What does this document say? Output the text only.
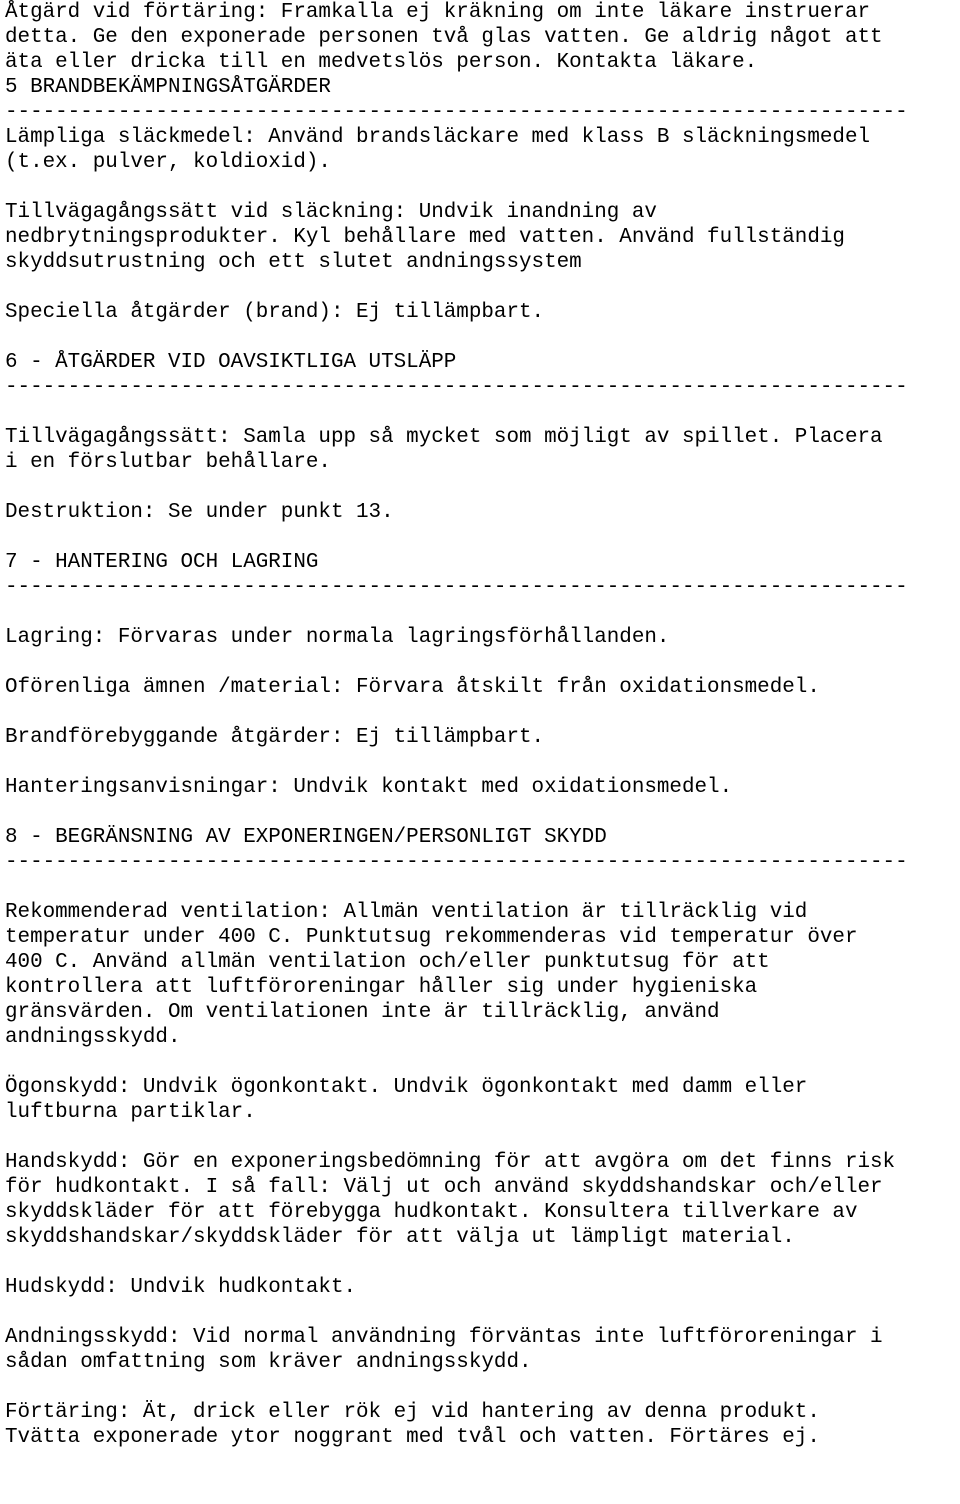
Åtgärd vid förtäring: Framkalla ej kräkning om inte läkare instruerar
detta. Ge den exponerade personen två glas vatten. Ge aldrig något att
äta eller dricka till en medvetslös person. Kontakta läkare.
5 BRANDBEKÄMPNINGSÅTGÄRDER
------------------------------------------------------------------------
Lämpliga släckmedel: Använd brandsläckare med klass B släckningsmedel
(t.ex. pulver, koldioxid).
Tillvägagångssätt vid släckning: Undvik inandning av
nedbrytningsprodukter. Kyl behållare med vatten. Använd fullständig
skyddsutrustning och ett slutet andningssystem
Speciella åtgärder (brand): Ej tillämpbart.
6 - ÅTGÄRDER VID OAVSIKTLIGA UTSLÄPP
------------------------------------------------------------------------
Tillvägagångssätt: Samla upp så mycket som möjligt av spillet. Placera
i en förslutbar behållare.
Destruktion: Se under punkt 13.
7 - HANTERING OCH LAGRING
------------------------------------------------------------------------
Lagring: Förvaras under normala lagringsförhållanden.
Oförenliga ämnen /material: Förvara åtskilt från oxidationsmedel.
Brandförebyggande åtgärder: Ej tillämpbart.
Hanteringsanvisningar: Undvik kontakt med oxidationsmedel.
8 - BEGRÄNSNING AV EXPONERINGEN/PERSONLIGT SKYDD
------------------------------------------------------------------------
Rekommenderad ventilation: Allmän ventilation är tillräcklig vid
temperatur under 400 C. Punktutsug rekommenderas vid temperatur över
400 C. Använd allmän ventilation och/eller punktutsug för att
kontrollera att luftföroreningar håller sig under hygieniska
gränsvärden. Om ventilationen inte är tillräcklig, använd
andningsskydd.
Ögonskydd: Undvik ögonkontakt. Undvik ögonkontakt med damm eller
luftburna partiklar.
Handskydd: Gör en exponeringsbedömning för att avgöra om det finns risk
för hudkontakt. I så fall: Välj ut och använd skyddshandskar och/eller
skyddskläder för att förebygga hudkontakt. Konsultera tillverkare av
skyddshandskar/skyddskläder för att välja ut lämpligt material.
Hudskydd: Undvik hudkontakt.
Andningsskydd: Vid normal användning förväntas inte luftföroreningar i
sådan omfattning som kräver andningsskydd.
Förtäring: Ät, drick eller rök ej vid hantering av denna produkt.
Tvätta exponerade ytor noggrant med tvål och vatten. Förtäres ej.
